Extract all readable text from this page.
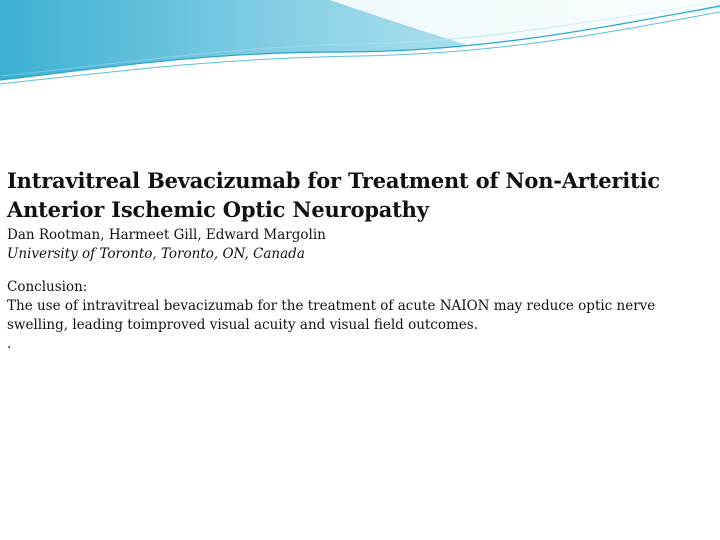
Intravitreal Bevacizumab for Treatment of Non-Arteritic Anterior Ischemic Optic Neuropathy

Dan Rootman, Harmeet Gill, Edward Margolin

University of Toronto, Toronto, ON, Canada

Conclusion:

The use of intravitreal bevacizumab for the treatment of acute NAION may reduce optic nerve swelling, leading toimproved visual acuity and visual field outcomes.

.
